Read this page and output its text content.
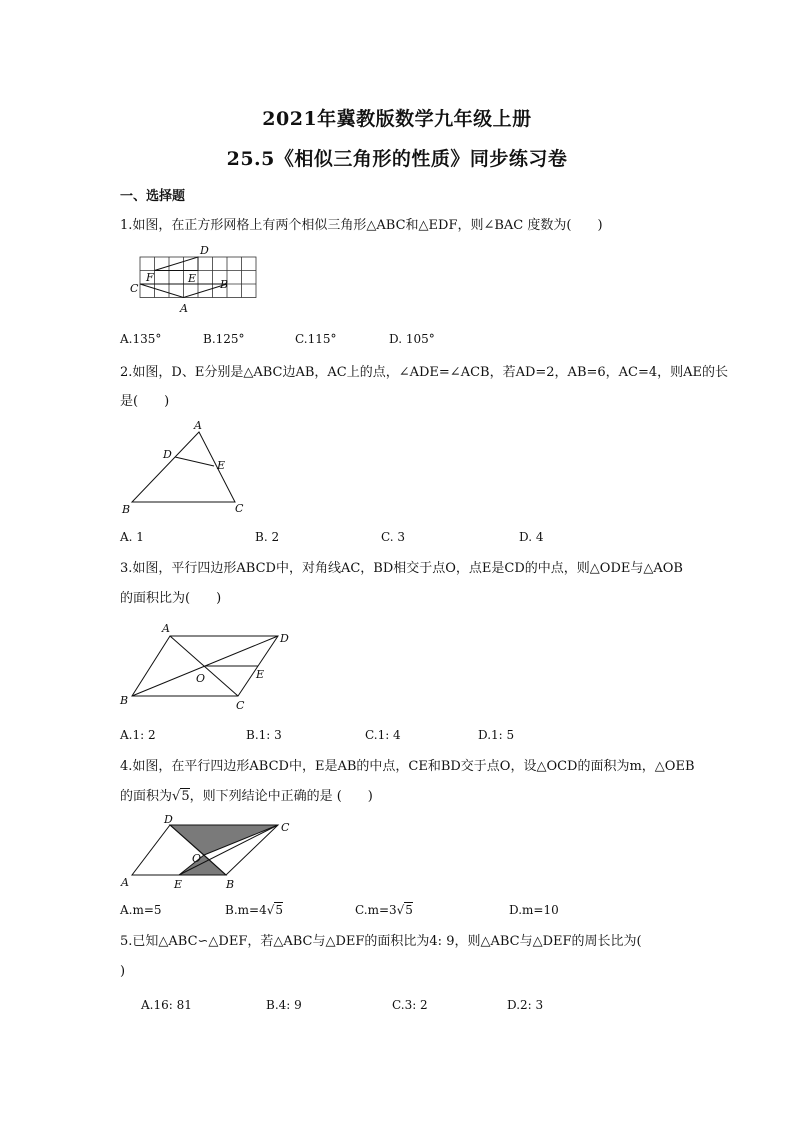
2021年冀教版数学九年级上册
25.5《相似三角形的性质》同步练习卷
一、选择题
1.如图，在正方形网格上有两个相似三角形△ABC和△EDF，则∠BAC 度数为(　　)
D
F	E B
C
A
A.135°	B.125°	C.115°	D. 105°
2.如图，D、E分别是△ABC边AB，AC上的点，∠ADE=∠ACB，若AD=2，AB=6，AC=4，则AE的长
是(　　)
A
D
E
B	C
A. 1	B. 2	C. 3	D. 4
3.如图，平行四边形ABCD中，对角线AC，BD相交于点O，点E是CD的中点，则△ODE与△AOB
的面积比为(　　)
A
D
O	E
B	C
A.1: 2	B.1: 3	C.1: 4	D.1: 5
4.如图，在平行四边形ABCD中，E是AB的中点，CE和BD交于点O，设△OCD的面积为m，△OEB
的面积为√5，则下列结论中正确的是 (　　)
D
C
O
A	E	B
A.m=5	B.m=4√5	C.m=3√5	D.m=10
5.已知△ABC∽△DEF，若△ABC与△DEF的面积比为4: 9，则△ABC与△DEF的周长比为(
)
A.16: 81	B.4: 9	C.3: 2	D.2: 3
